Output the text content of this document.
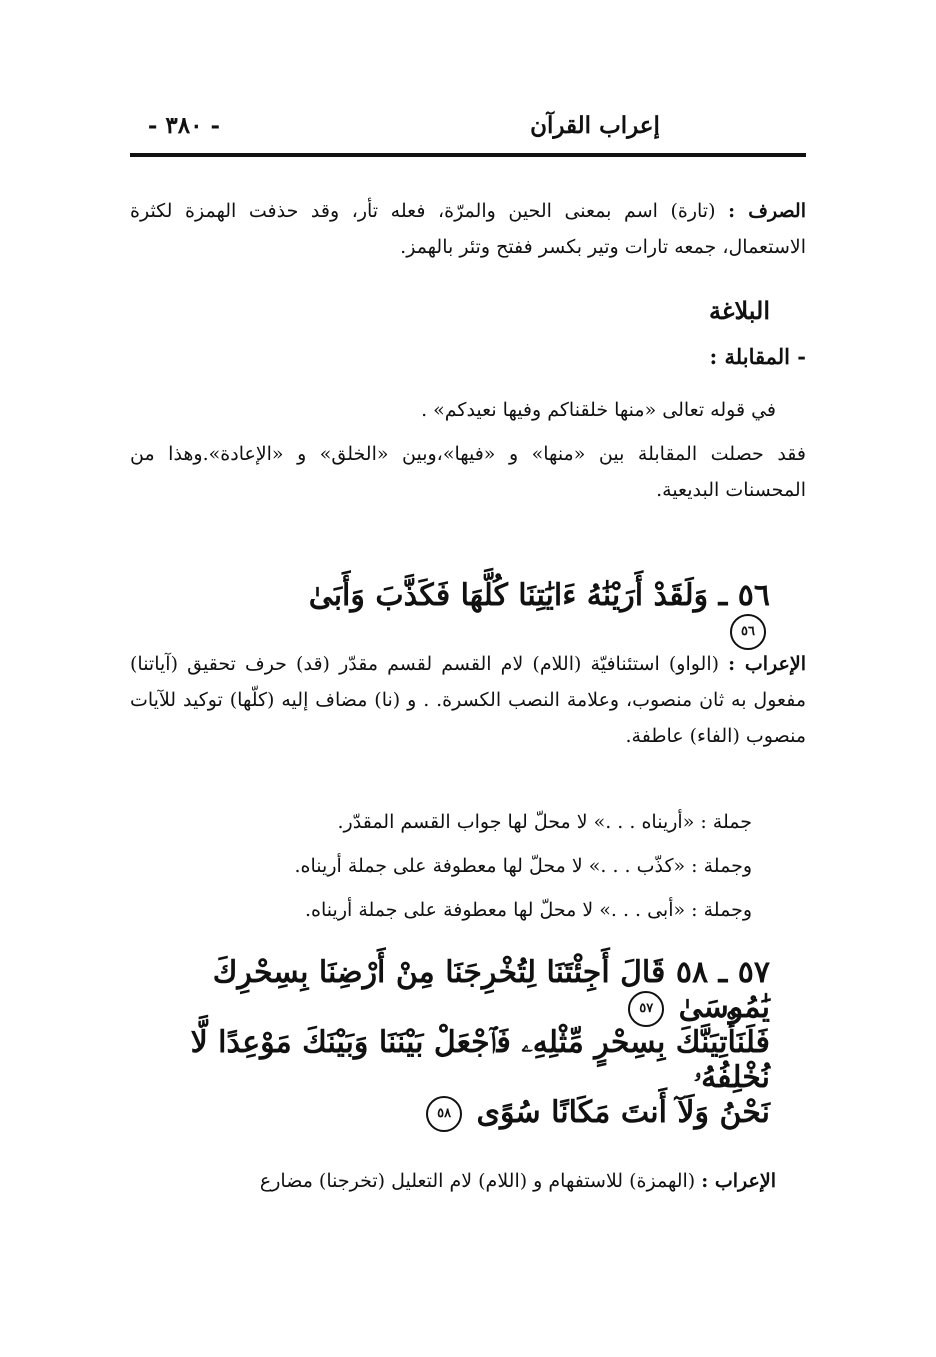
- ٣٨٠ -	إعراب القرآن
الصرف : (تارة) اسم بمعنى الحين والمرّة، فعله تأر، وقد حذفت الهمزة لكثرة الاستعمال، جمعه تارات وتير بكسر ففتح وتئر بالهمز.
البلاغة
- المقابلة :
في قوله تعالى «منها خلقناكم وفيها نعيدكم» .
فقد حصلت المقابلة بين «منها» و «فيها»،وبين «الخلق» و «الإعادة».وهذا من المحسنات البديعية.
٥٦ ـ وَلَقَدْ أَرَيْنَٰهُ ءَايَٰتِنَا كُلَّهَا فَكَذَّبَ وَأَبَىٰ ٥٦
الإعراب : (الواو) استئنافيّة (اللام) لام القسم لقسم مقدّر (قد) حرف تحقيق (آياتنا) مفعول به ثان منصوب، وعلامة النصب الكسرة. . و (نا) مضاف إليه (كلّها) توكيد للآيات منصوب (الفاء) عاطفة.
جملة : «أريناه . . .» لا محلّ لها جواب القسم المقدّر.
وجملة : «كذّب . . .» لا محلّ لها معطوفة على جملة أريناه.
وجملة : «أبى . . .» لا محلّ لها معطوفة على جملة أريناه.
٥٧ ـ ٥٨ قَالَ أَجِئْتَنَا لِتُخْرِجَنَا مِنْ أَرْضِنَا بِسِحْرِكَ يَٰمُوسَىٰ ٥٧
فَلَنَأْتِيَنَّكَ بِسِحْرٍ مِّثْلِهِۦ فَٱجْعَلْ بَيْنَنَا وَبَيْنَكَ مَوْعِدًا لَّا نُخْلِفُهُۥ
نَحْنُ وَلَآ أَنتَ مَكَانًا سُوًى ٥٨
الإعراب : (الهمزة) للاستفهام و (اللام) لام التعليل (تخرجنا) مضارع
